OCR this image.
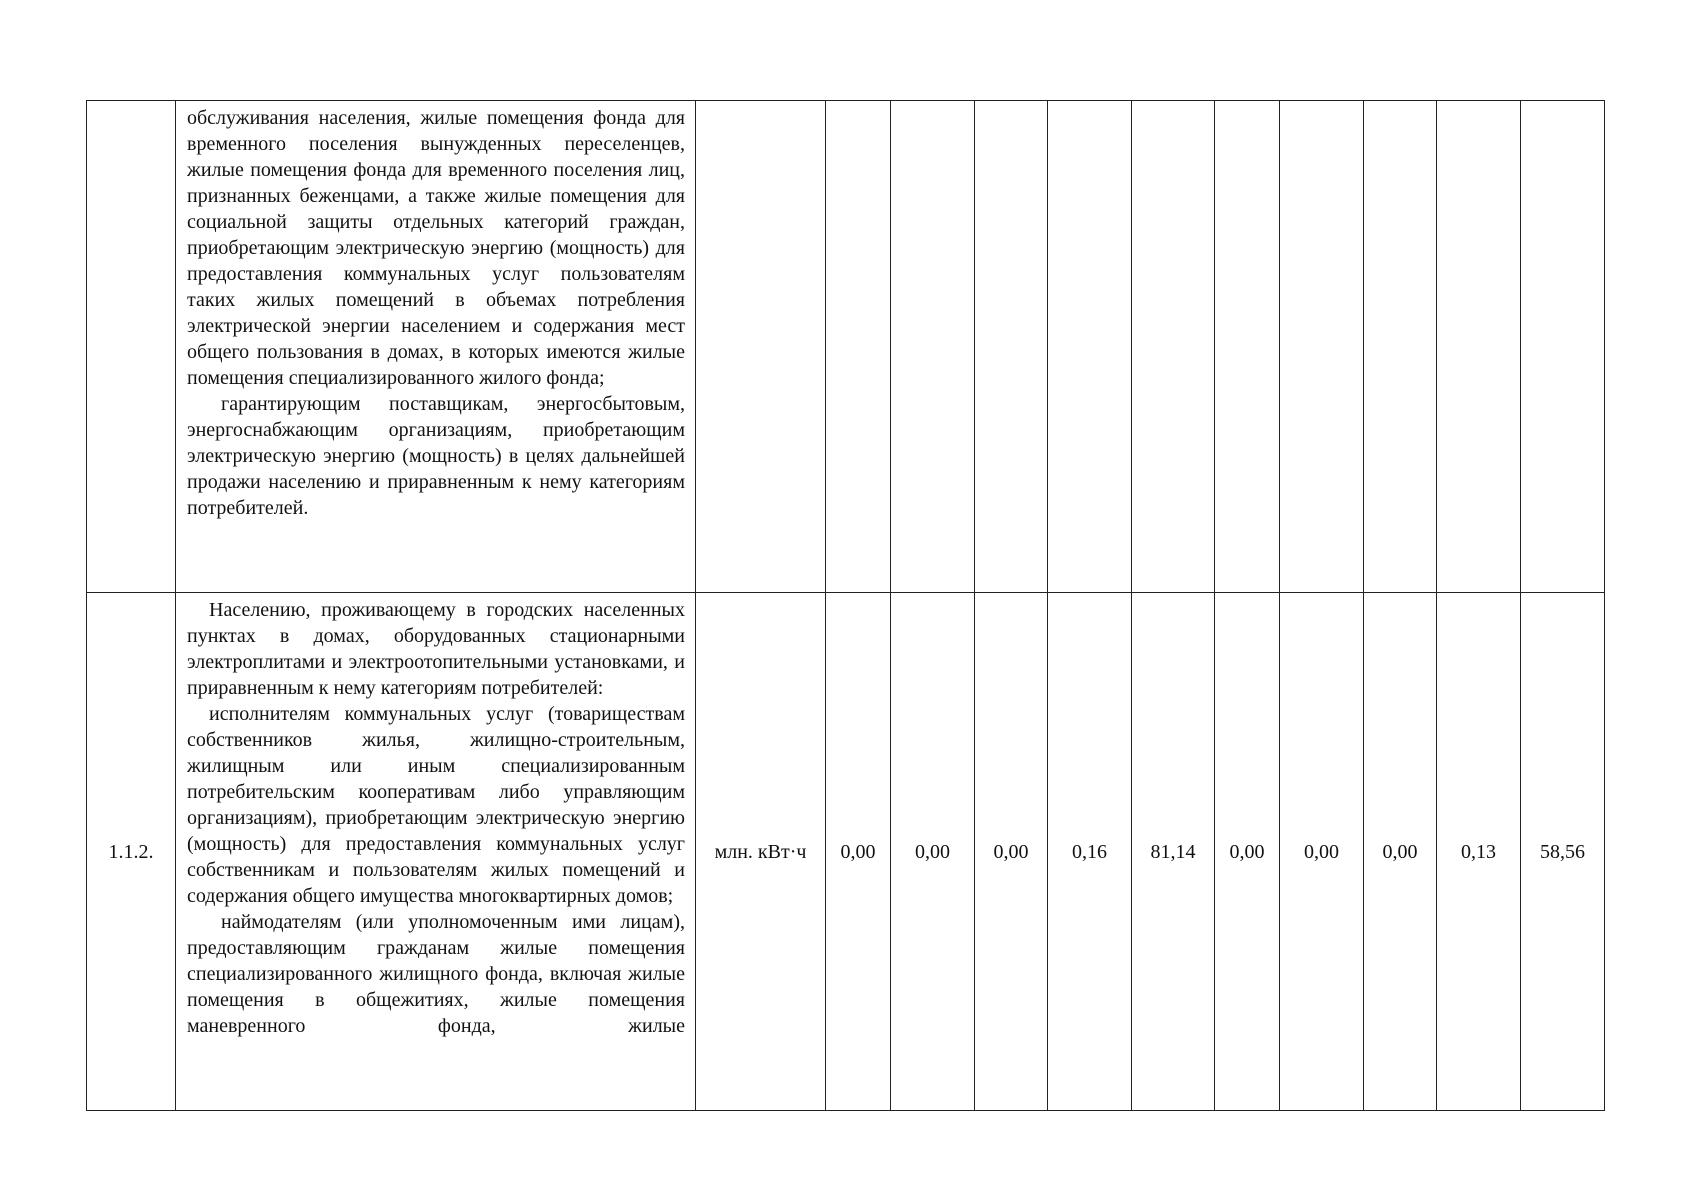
	обслуживания населения, жилые помещения фонда для временного поселения вынужденных переселенцев, жилые помещения фонда для временного поселения лиц, признанных беженцами, а также жилые помещения для социальной защиты отдельных категорий граждан, приобретающим электрическую энергию (мощность) для предоставления коммунальных услуг пользователям таких жилых помещений в объемах потребления электрической энергии населением и содержания мест общего пользования в домах, в которых имеются жилые помещения специализированного жилого фонда;

гарантирующим поставщикам, энергосбытовым, энергоснабжающим организациям, приобретающим электрическую энергию (мощность) в целях дальнейшей продажи населению и приравненным к нему категориям потребителей.											

1.1.2.	Населению, проживающему в городских населенных пунктах в домах, оборудованных стационарными электроплитами и электроотопительными установками, и приравненным к нему категориям потребителей:

исполнителям коммунальных услуг (товариществам собственников жилья, жилищно-строительным, жилищным или иным специализированным потребительским кооперативам либо управляющим организациям), приобретающим электрическую энергию (мощность) для предоставления коммунальных услуг собственникам и пользователям жилых помещений и содержания общего имущества многоквартирных домов;

наймодателям (или уполномоченным ими лицам), предоставляющим гражданам жилые помещения специализированного жилищного фонда, включая жилые помещения в общежитиях, жилые помещения маневренного фонда, жилые	млн. кВт·ч	0,00	0,00	0,00	0,16	81,14	0,00	0,00	0,00	0,13	58,56
